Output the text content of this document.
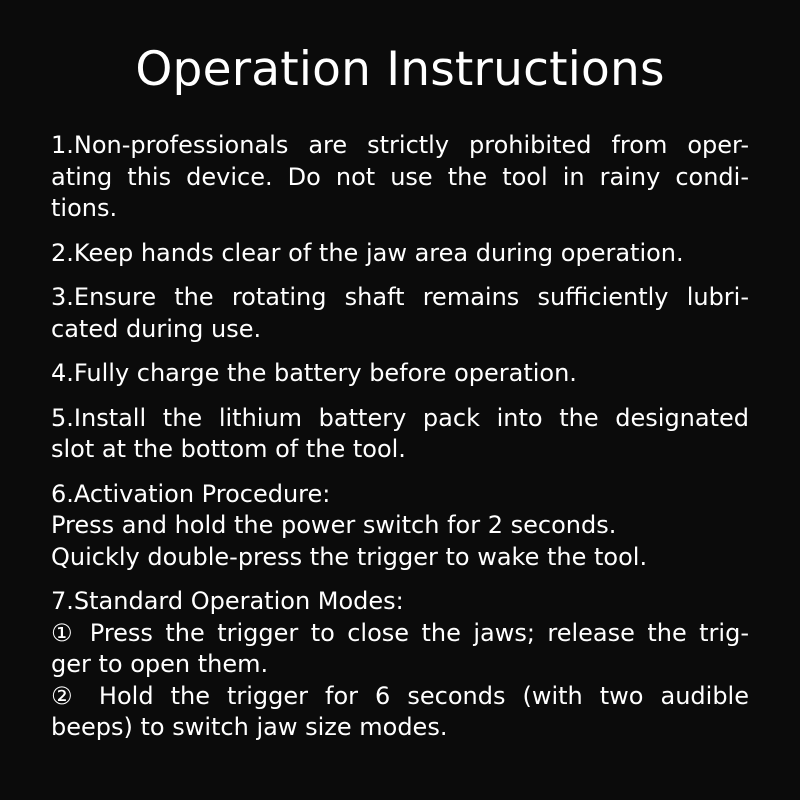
Operation Instructions
1.Non-professionals are strictly prohibited from oper-
ating this device. Do not use the tool in rainy condi-
tions.
2.Keep hands clear of the jaw area during operation.
3.Ensure the rotating shaft remains sufficiently lubri-
cated during use.
4.Fully charge the battery before operation.
5.Install the lithium battery pack into the designated
slot at the bottom of the tool.
6.Activation Procedure:
Press and hold the power switch for 2 seconds.
Quickly double-press the trigger to wake the tool.
7.Standard Operation Modes:
① Press the trigger to close the jaws; release the trig-
ger to open them.
② Hold the trigger for 6 seconds (with two audible
beeps) to switch jaw size modes.
